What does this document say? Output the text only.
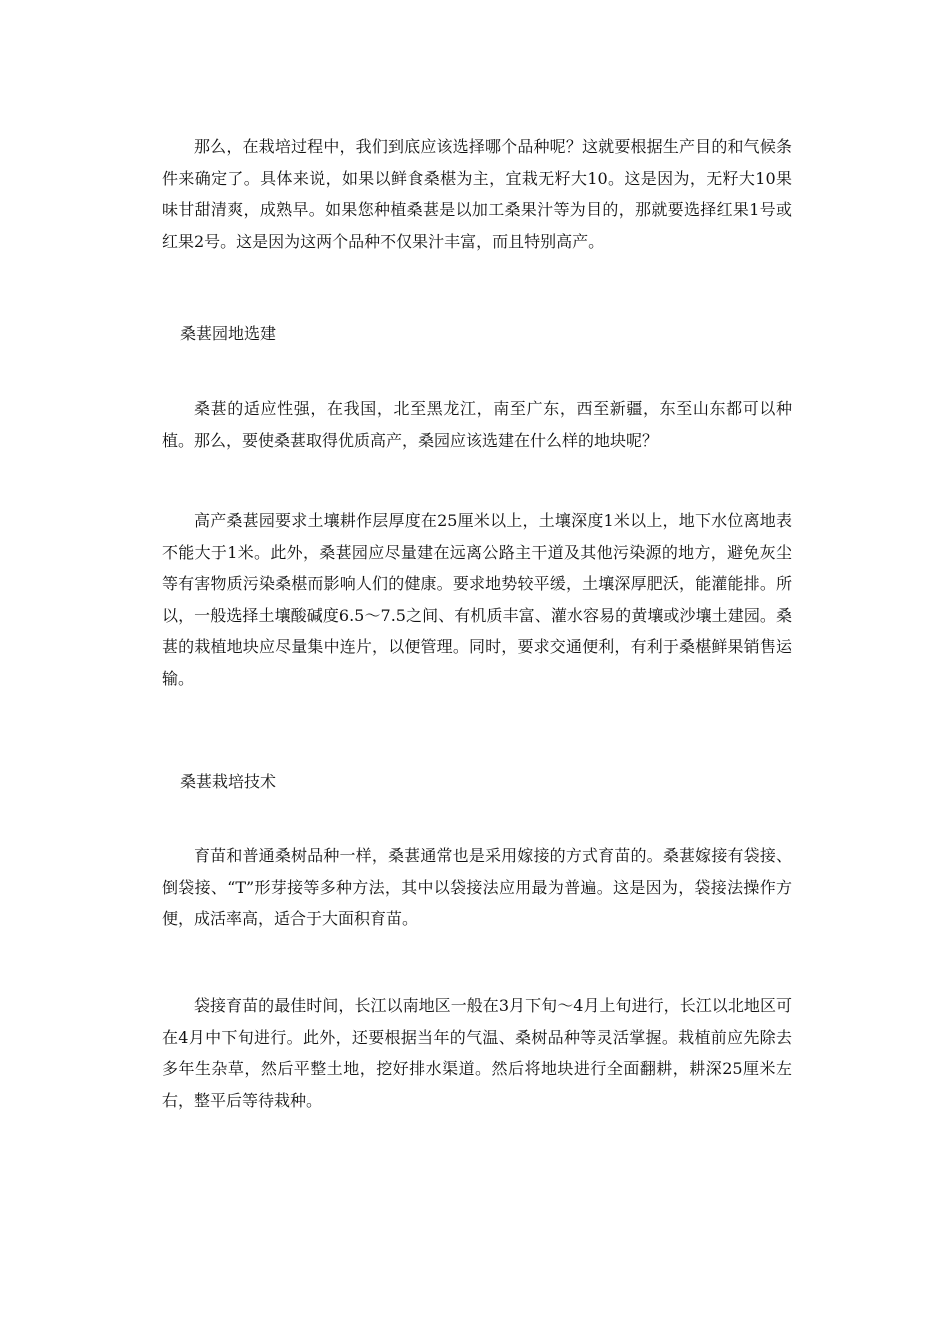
那么，在栽培过程中，我们到底应该选择哪个品种呢？这就要根据生产目的和气候条件来确定了。具体来说，如果以鲜食桑椹为主，宜栽无籽大10。这是因为，无籽大10果味甘甜清爽，成熟早。如果您种植桑葚是以加工桑果汁等为目的，那就要选择红果1号或红果2号。这是因为这两个品种不仅果汁丰富，而且特别高产。

桑葚园地选建

桑葚的适应性强，在我国，北至黑龙江，南至广东，西至新疆，东至山东都可以种植。那么，要使桑葚取得优质高产，桑园应该选建在什么样的地块呢？

高产桑葚园要求土壤耕作层厚度在25厘米以上，土壤深度1米以上，地下水位离地表不能大于1米。此外，桑葚园应尽量建在远离公路主干道及其他污染源的地方，避免灰尘等有害物质污染桑椹而影响人们的健康。要求地势较平缓，土壤深厚肥沃，能灌能排。所以，一般选择土壤酸碱度6.5～7.5之间、有机质丰富、灌水容易的黄壤或沙壤土建园。桑葚的栽植地块应尽量集中连片，以便管理。同时，要求交通便利，有利于桑椹鲜果销售运输。

桑葚栽培技术

育苗和普通桑树品种一样，桑葚通常也是采用嫁接的方式育苗的。桑葚嫁接有袋接、倒袋接、“T”形芽接等多种方法，其中以袋接法应用最为普遍。这是因为，袋接法操作方便，成活率高，适合于大面积育苗。

袋接育苗的最佳时间，长江以南地区一般在3月下旬～4月上旬进行，长江以北地区可在4月中下旬进行。此外，还要根据当年的气温、桑树品种等灵活掌握。栽植前应先除去多年生杂草，然后平整土地，挖好排水渠道。然后将地块进行全面翻耕，耕深25厘米左右，整平后等待栽种。
